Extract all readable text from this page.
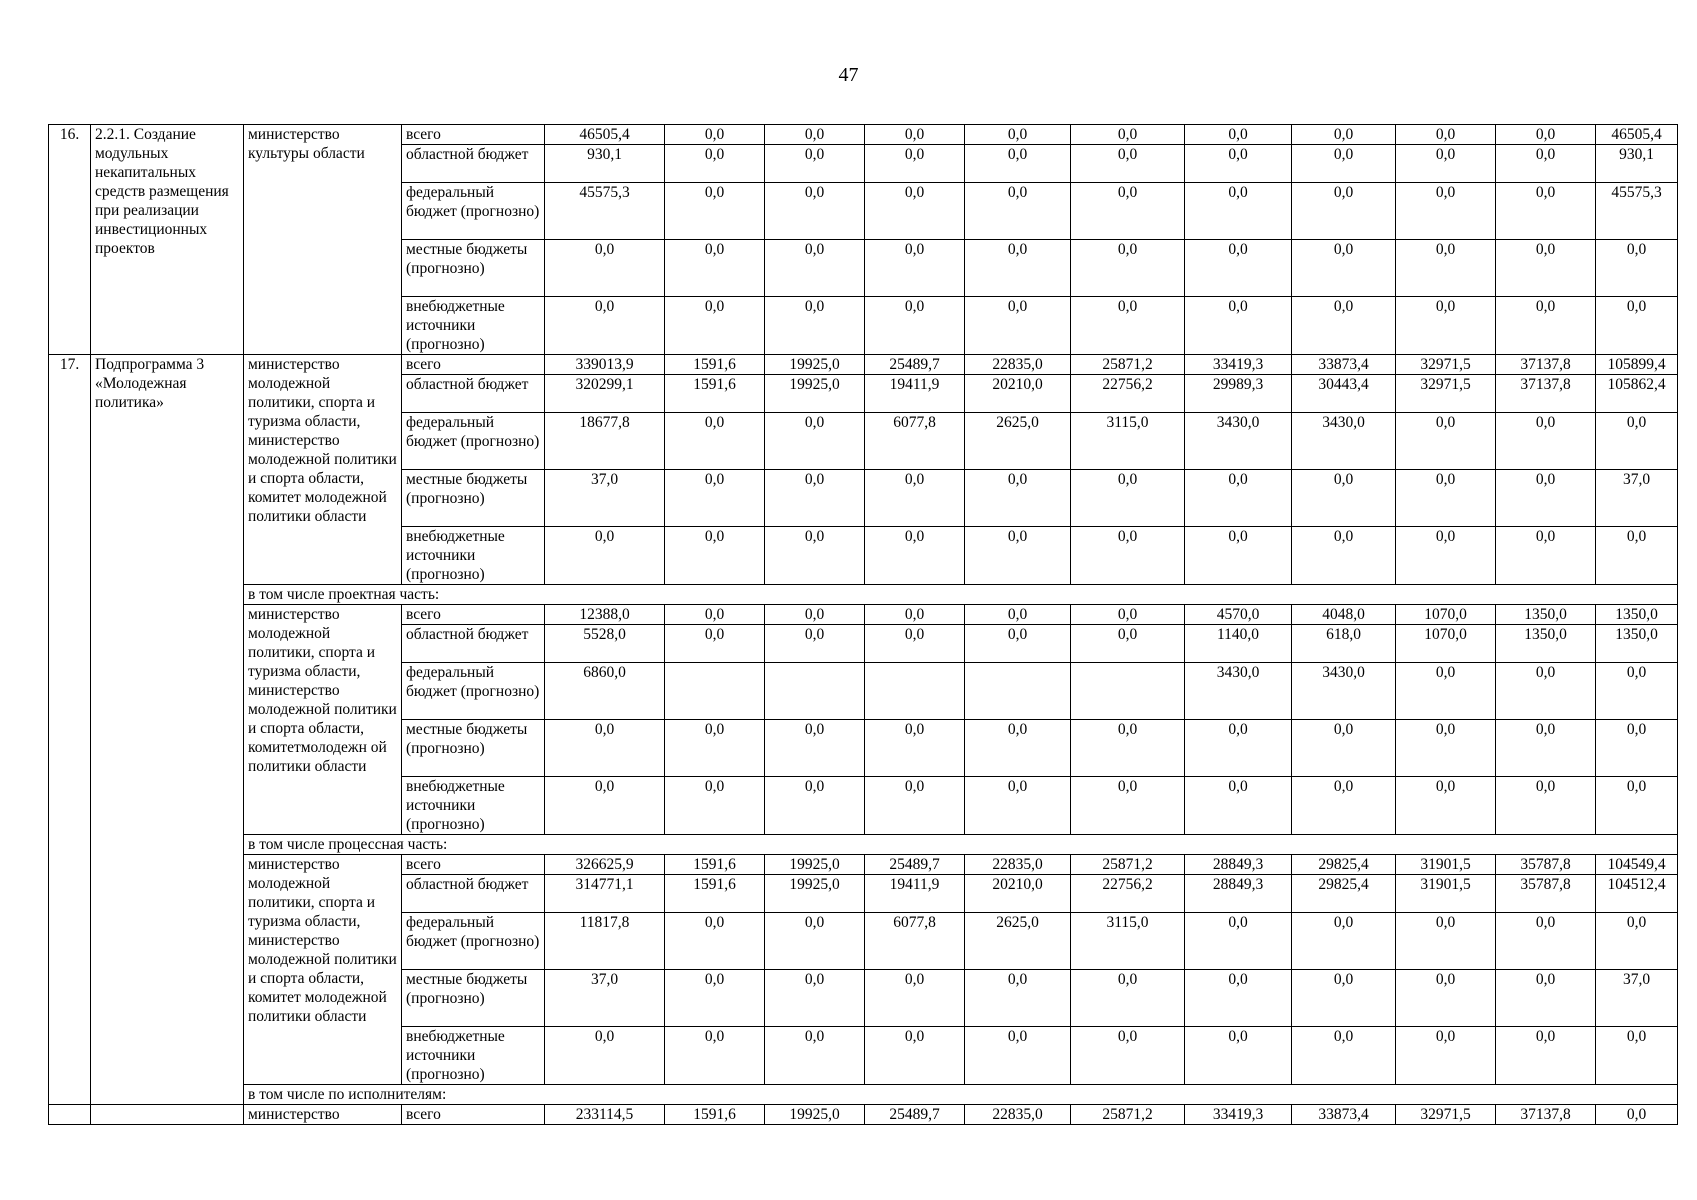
47
16.	2.2.1. Создание модульных некапитальных средств размещения при реализации инвестиционных проектов	министерство культуры области	всего	46505,4	0,0	0,0	0,0	0,0	0,0	0,0	0,0	0,0	0,0	46505,4
			областной бюджет	930,1	0,0	0,0	0,0	0,0	0,0	0,0	0,0	0,0	0,0	930,1
			федеральный бюджет (прогнозно)	45575,3	0,0	0,0	0,0	0,0	0,0	0,0	0,0	0,0	0,0	45575,3
			местные бюджеты (прогнозно)	0,0	0,0	0,0	0,0	0,0	0,0	0,0	0,0	0,0	0,0	0,0
			внебюджетные источники (прогнозно)	0,0	0,0	0,0	0,0	0,0	0,0	0,0	0,0	0,0	0,0	0,0
17.	Подпрограмма 3 «Молодежная политика»	министерство молодежной политики, спорта и туризма области, министерство молодежной политики и спорта области, комитет молодежной политики области	всего	339013,9	1591,6	19925,0	25489,7	22835,0	25871,2	33419,3	33873,4	32971,5	37137,8	105899,4
			областной бюджет	320299,1	1591,6	19925,0	19411,9	20210,0	22756,2	29989,3	30443,4	32971,5	37137,8	105862,4
			федеральный бюджет (прогнозно)	18677,8	0,0	0,0	6077,8	2625,0	3115,0	3430,0	3430,0	0,0	0,0	0,0
			местные бюджеты (прогнозно)	37,0	0,0	0,0	0,0	0,0	0,0	0,0	0,0	0,0	0,0	37,0
			внебюджетные источники (прогнозно)	0,0	0,0	0,0	0,0	0,0	0,0	0,0	0,0	0,0	0,0	0,0
		в том числе проектная часть:												
		министерство молодежной политики, спорта и туризма области, министерство молодежной политики и спорта области, комитетмолодежн ой политики области	всего	12388,0	0,0	0,0	0,0	0,0	0,0	4570,0	4048,0	1070,0	1350,0	1350,0
			областной бюджет	5528,0	0,0	0,0	0,0	0,0	0,0	1140,0	618,0	1070,0	1350,0	1350,0
			федеральный бюджет (прогнозно)	6860,0						3430,0	3430,0	0,0	0,0	0,0
			местные бюджеты (прогнозно)	0,0	0,0	0,0	0,0	0,0	0,0	0,0	0,0	0,0	0,0	0,0
			внебюджетные источники (прогнозно)	0,0	0,0	0,0	0,0	0,0	0,0	0,0	0,0	0,0	0,0	0,0
		в том числе процессная часть:												
		министерство молодежной политики, спорта и туризма области, министерство молодежной политики и спорта области, комитет молодежной политики области	всего	326625,9	1591,6	19925,0	25489,7	22835,0	25871,2	28849,3	29825,4	31901,5	35787,8	104549,4
			областной бюджет	314771,1	1591,6	19925,0	19411,9	20210,0	22756,2	28849,3	29825,4	31901,5	35787,8	104512,4
			федеральный бюджет (прогнозно)	11817,8	0,0	0,0	6077,8	2625,0	3115,0	0,0	0,0	0,0	0,0	0,0
			местные бюджеты (прогнозно)	37,0	0,0	0,0	0,0	0,0	0,0	0,0	0,0	0,0	0,0	37,0
			внебюджетные источники (прогнозно)	0,0	0,0	0,0	0,0	0,0	0,0	0,0	0,0	0,0	0,0	0,0
		в том числе по исполнителям:												
		министерство	всего	233114,5	1591,6	19925,0	25489,7	22835,0	25871,2	33419,3	33873,4	32971,5	37137,8	0,0
